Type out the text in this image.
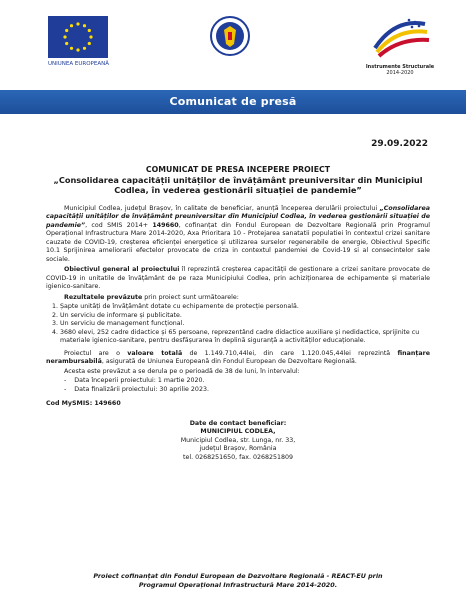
UNIUNEA EUROPEANĂ	Instrumente Structurale
2014-2020
Comunicat de presă
29.09.2022
COMUNICAT DE PRESA INCEPERE PROIECT
„Consolidarea capacității unităților de învățământ preuniversitar din Municipiul Codlea, în vederea gestionării situației de pandemie”

Municipiul Codlea, județul Brașov, în calitate de beneficiar, anunță începerea derulării proiectului „Consolidarea capacității unităților de învățământ preuniversitar din Municipiul Codlea, în vederea gestionării situației de pandemie”, cod SMIS 2014+ 149660, cofinanțat din Fondul European de Dezvoltare Regională prin Programul Operațional Infrastructura Mare 2014-2020, Axa Prioritara 10 - Protejarea sanatatii populatiei în contextul crizei sanitare cauzate de COVID-19, creșterea eficienței energetice și utilizarea surselor regenerabile de energie, Obiectivul Specific 10.1 Sprijinirea ameliorarii efectelor provocate de criza in contextul pandemiei de Covid-19 si al consecintelor sale sociale.

Obiectivul general al proiectului îl reprezintă creșterea capacității de gestionare a crizei sanitare provocate de COVID-19 in unitatile de învățământ de pe raza Municipiului Codlea, prin achiziționarea de echipamente și materiale igienico-sanitare.

Rezultatele prevăzute prin proiect sunt următoarele:

1. Șapte unități de învățământ dotate cu echipamente de protecție personală.
2. Un serviciu de informare și publicitate.
3. Un serviciu de management funcțional.
4. 3680 elevi, 252 cadre didactice și 65 persoane, reprezentând cadre didactice auxiliare și nedidactice, sprijinite cu materiale igienico-sanitare, pentru desfășurarea în deplină siguranță a activităților educaționale.

Proiectul are o valoare totală de 1.149.710,44lei, din care 1.120.045,44lei reprezintă finanțare nerambursabilă, asigurată de Uniunea Europeană din Fondul European de Dezvoltare Regională.

Acesta este prevăzut a se derula pe o perioadă de 38 de luni, în intervalul:

- Data începerii proiectului: 1 martie 2020.
- Data finalizării proiectului: 30 aprilie 2023.
Cod MySMIS: 149660
Date de contact beneficiar:
MUNICIPIUL CODLEA,
Municipiul Codlea, str. Lunga, nr. 33,
județul Brașov, România
tel. 0268251650, fax. 0268251809
Proiect cofinanțat din Fondul European de Dezvoltare Regională - REACT-EU prin
Programul Operațional Infrastructură Mare 2014-2020.
